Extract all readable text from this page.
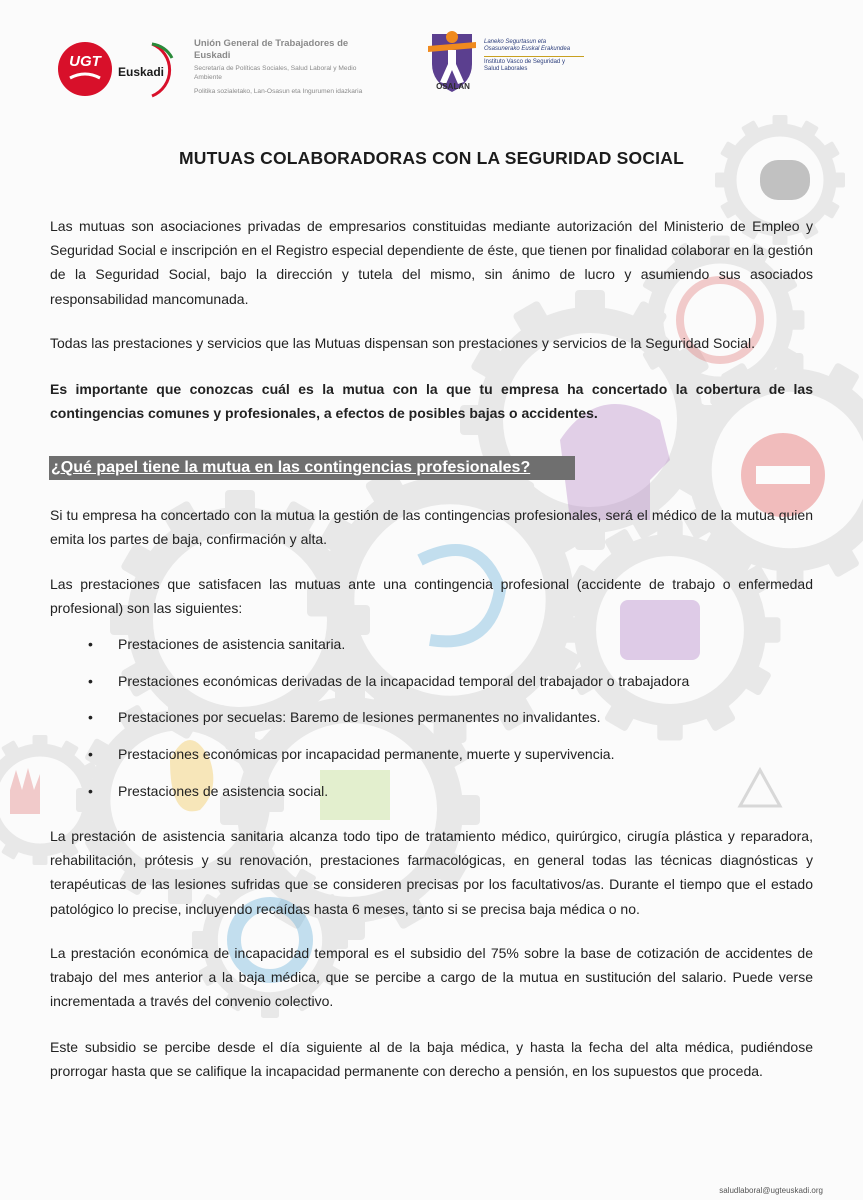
UGT
Euskadi
Unión General de Trabajadores de Euskadi
Secretaría de Políticas Sociales, Salud Laboral y Medio Ambiente
Politika sozialetako, Lan-Osasun eta Ingurumen idazkaria
OSALAN
Laneko Segurtasun eta
Osasunerako Euskal Erakundea
Instituto Vasco de Seguridad y
Salud Laborales
MUTUAS COLABORADORAS CON LA SEGURIDAD SOCIAL

Las mutuas son asociaciones privadas de empresarios constituidas mediante autorización del Ministerio de Empleo y Seguridad Social e inscripción en el Registro especial dependiente de éste, que tienen por finalidad colaborar en la gestión de la Seguridad Social, bajo la dirección y tutela del mismo, sin ánimo de lucro y asumiendo sus asociados responsabilidad mancomunada.

Todas las prestaciones y servicios que las Mutuas dispensan son prestaciones y servicios de la Seguridad Social.

Es importante que conozcas cuál es la mutua con la que tu empresa ha concertado la cobertura de las contingencias comunes y profesionales, a efectos de posibles bajas o accidentes.

¿Qué papel tiene la mutua en las contingencias profesionales?

Si tu empresa ha concertado con la mutua la gestión de las contingencias profesionales, será el médico de la mutua quien emita los partes de baja, confirmación y alta.

Las prestaciones que satisfacen las mutuas ante una contingencia profesional (accidente de trabajo o enfermedad profesional) son las siguientes:

• Prestaciones de asistencia sanitaria.
• Prestaciones económicas derivadas de la incapacidad temporal del trabajador o trabajadora
• Prestaciones por secuelas: Baremo de lesiones permanentes no invalidantes.
• Prestaciones económicas por incapacidad permanente, muerte y supervivencia.
• Prestaciones de asistencia social.

La prestación de asistencia sanitaria alcanza todo tipo de tratamiento médico, quirúrgico, cirugía plástica y reparadora, rehabilitación, prótesis y su renovación, prestaciones farmacológicas, en general todas las técnicas diagnósticas y terapéuticas de las lesiones sufridas que se consideren precisas por los facultativos/as. Durante el tiempo que el estado patológico lo precise, incluyendo recaídas hasta 6 meses, tanto si se precisa baja médica o no.

La prestación económica de incapacidad temporal es el subsidio del 75% sobre la base de cotización de accidentes de trabajo del mes anterior a la baja médica, que se percibe a cargo de la mutua en sustitución del salario. Puede verse incrementada a través del convenio colectivo.

Este subsidio se percibe desde el día siguiente al de la baja médica, y hasta la fecha del alta médica, pudiéndose prorrogar hasta que se califique la incapacidad permanente con derecho a pensión, en los supuestos que proceda.

saludlaboral@ugteuskadi.org
